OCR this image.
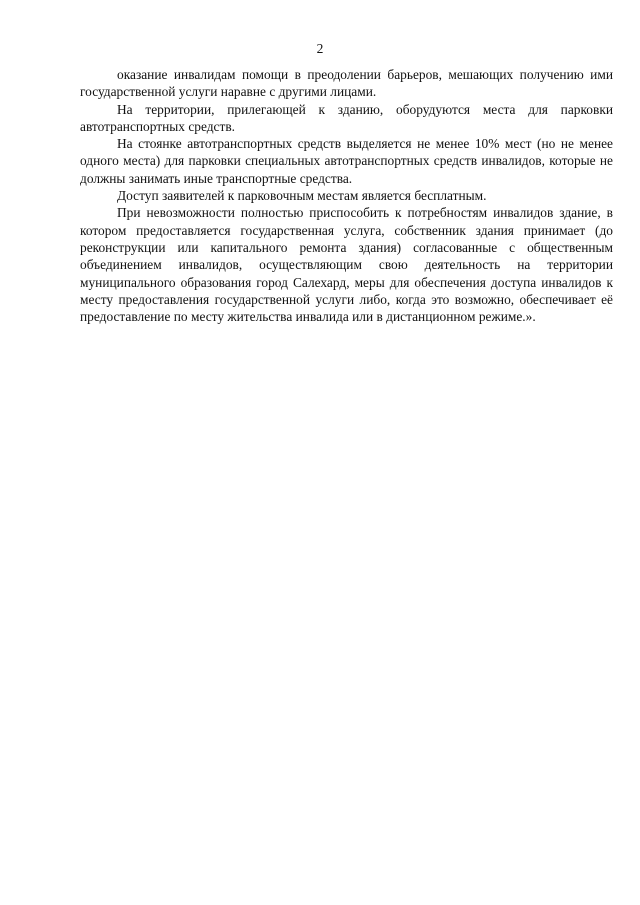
2

оказание инвалидам помощи в преодолении барьеров, мешающих получению ими государственной услуги наравне с другими лицами.

На территории, прилегающей к зданию, оборудуются места для парковки автотранспортных средств.

На стоянке автотранспортных средств выделяется не менее 10% мест (но не менее одного места) для парковки специальных автотранспортных средств инвалидов, которые не должны занимать иные транспортные средства.

Доступ заявителей к парковочным местам является бесплатным.

При невозможности полностью приспособить к потребностям инвалидов здание, в котором предоставляется государственная услуга, собственник здания принимает (до реконструкции или капитального ремонта здания) согласованные с общественным объединением инвалидов, осуществляющим свою деятельность на территории муниципального образования город Салехард, меры для обеспечения доступа инвалидов к месту предоставления государственной услуги либо, когда это возможно, обеспечивает её предоставление по месту жительства инвалида или в дистанционном режиме.».
